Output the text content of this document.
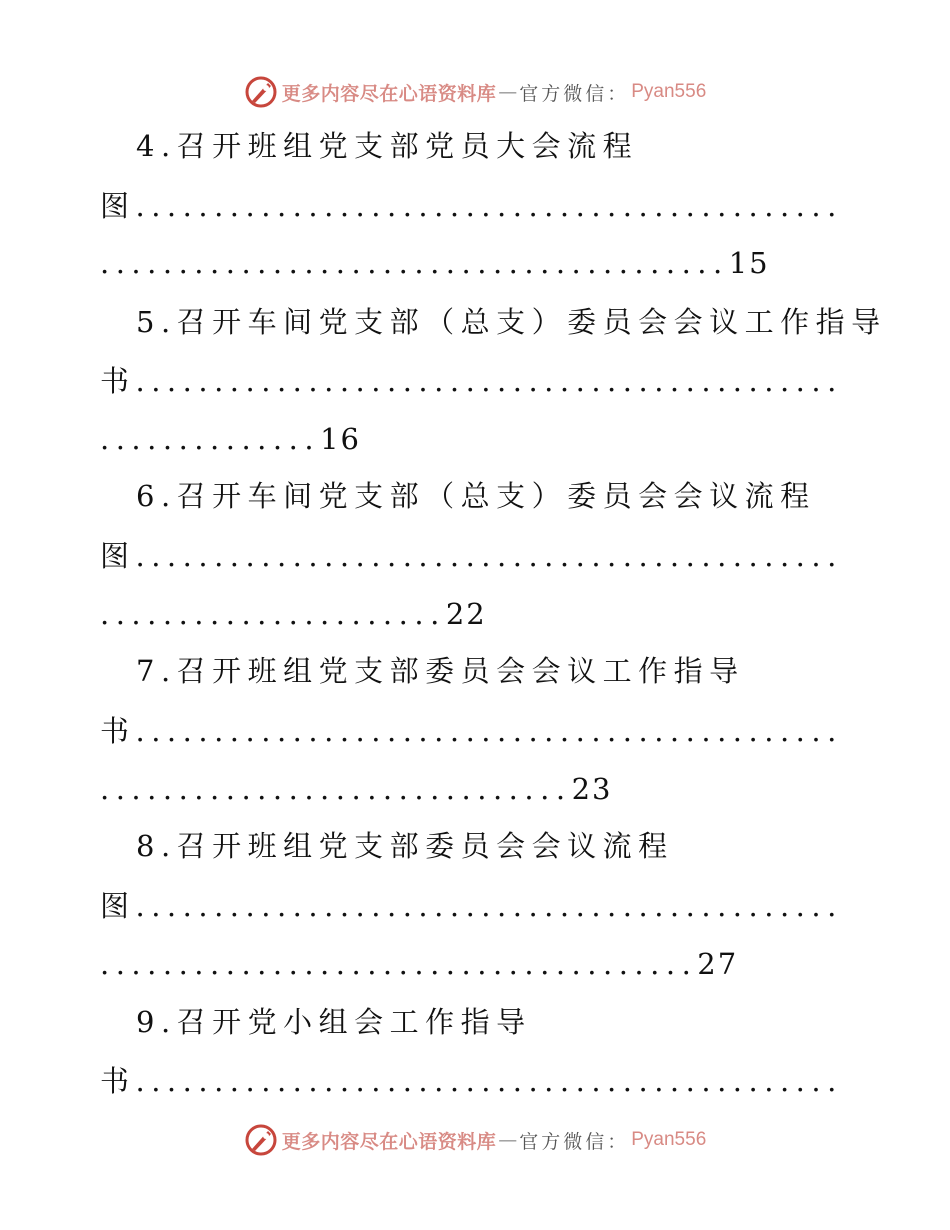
更多内容尽在心语资料库 — 官方微信： Pyan556
4.召开班组党支部党员大会流程
图.............................................
........................................15
5.召开车间党支部（总支）委员会会议工作指导
书.............................................
..............16
6.召开车间党支部（总支）委员会会议流程
图.............................................
......................22
7.召开班组党支部委员会会议工作指导
书.............................................
..............................23
8.召开班组党支部委员会会议流程
图.............................................
......................................27
9.召开党小组会工作指导
书.............................................
更多内容尽在心语资料库 — 官方微信： Pyan556
